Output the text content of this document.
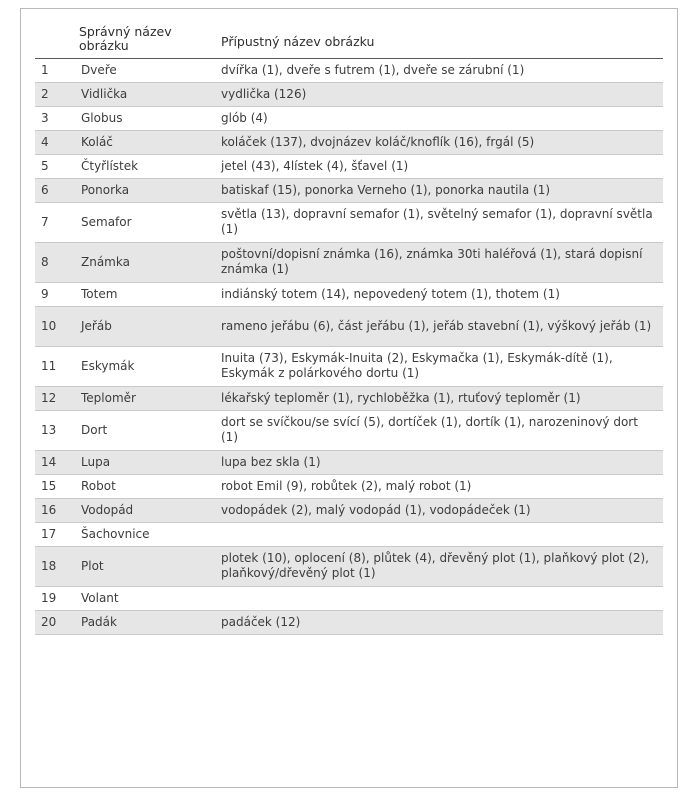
	Správný název obrázku	Přípustný název obrázku
1	Dveře	dvířka (1), dveře s futrem (1), dveře se zárubní (1)
2	Vidlička	vydlička (126)
3	Globus	glób (4)
4	Koláč	koláček (137), dvojnázev koláč/knoflík (16), frgál (5)
5	Čtyřlístek	jetel (43), 4lístek (4), šťavel (1)
6	Ponorka	batiskaf (15), ponorka Verneho (1), ponorka nautila (1)
7	Semafor	světla (13), dopravní semafor (1), světelný semafor (1), dopravní světla (1)
8	Známka	poštovní/dopisní známka (16), známka 30ti haléřová (1), stará dopisní známka (1)
9	Totem	indiánský totem (14), nepovedený totem (1), thotem (1)
10	Jeřáb	rameno jeřábu (6), část jeřábu (1), jeřáb stavební (1), výškový jeřáb (1)
11	Eskymák	Inuita (73), Eskymák-Inuita (2), Eskymačka (1), Eskymák-dítě (1), Eskymák z polárkového dortu (1)
12	Teploměr	lékařský teploměr (1), rychloběžka (1), rtuťový teploměr (1)
13	Dort	dort se svíčkou/se svící (5), dortíček (1), dortík (1), narozeninový dort (1)
14	Lupa	lupa bez skla (1)
15	Robot	robot Emil (9), robůtek (2), malý robot (1)
16	Vodopád	vodopádek (2), malý vodopád (1), vodopádeček (1)
17	Šachovnice	
18	Plot	plotek (10), oplocení (8), plůtek (4), dřevěný plot (1), plaňkový plot (2), plaňkový/dřevěný plot (1)
19	Volant	
20	Padák	padáček (12)
